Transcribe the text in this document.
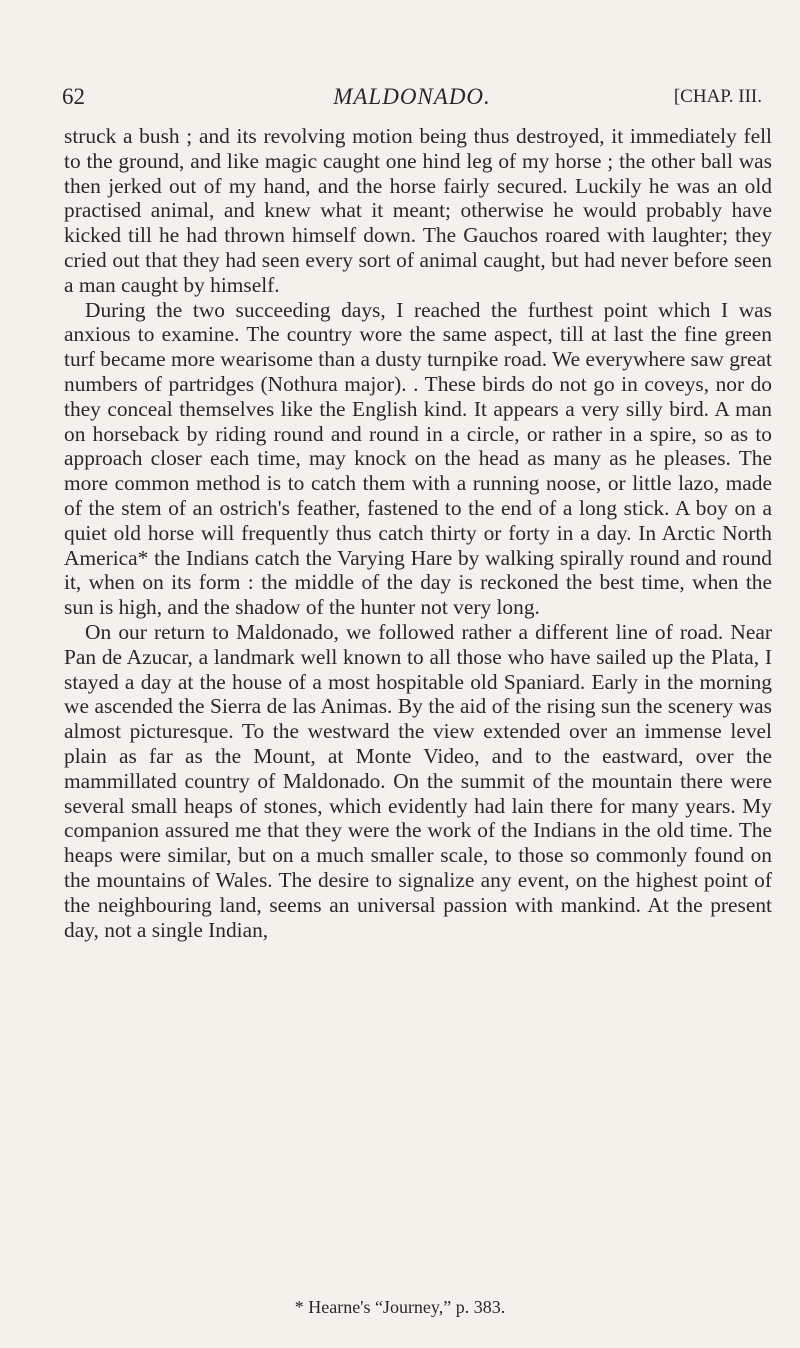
62	MALDONADO.	[CHAP. III.

struck a bush ; and its revolving motion being thus destroyed, it immediately fell to the ground, and like magic caught one hind leg of my horse ; the other ball was then jerked out of my hand, and the horse fairly secured. Luckily he was an old practised animal, and knew what it meant; otherwise he would probably have kicked till he had thrown himself down. The Gauchos roared with laughter; they cried out that they had seen every sort of animal caught, but had never before seen a man caught by himself.

During the two succeeding days, I reached the furthest point which I was anxious to examine. The country wore the same aspect, till at last the fine green turf became more wearisome than a dusty turnpike road. We everywhere saw great numbers of partridges (Nothura major). . These birds do not go in coveys, nor do they conceal themselves like the English kind. It appears a very silly bird. A man on horseback by riding round and round in a circle, or rather in a spire, so as to approach closer each time, may knock on the head as many as he pleases. The more common method is to catch them with a running noose, or little lazo, made of the stem of an ostrich's feather, fastened to the end of a long stick. A boy on a quiet old horse will frequently thus catch thirty or forty in a day. In Arctic North America* the Indians catch the Varying Hare by walking spirally round and round it, when on its form : the middle of the day is reckoned the best time, when the sun is high, and the shadow of the hunter not very long.

On our return to Maldonado, we followed rather a different line of road. Near Pan de Azucar, a landmark well known to all those who have sailed up the Plata, I stayed a day at the house of a most hospitable old Spaniard. Early in the morning we ascended the Sierra de las Animas. By the aid of the rising sun the scenery was almost picturesque. To the westward the view extended over an immense level plain as far as the Mount, at Monte Video, and to the eastward, over the mammillated country of Maldonado. On the summit of the mountain there were several small heaps of stones, which evidently had lain there for many years. My companion assured me that they were the work of the Indians in the old time. The heaps were similar, but on a much smaller scale, to those so commonly found on the mountains of Wales. The desire to signalize any event, on the highest point of the neighbouring land, seems an universal passion with mankind. At the present day, not a single Indian,

* Hearne's “Journey,” p. 383.
